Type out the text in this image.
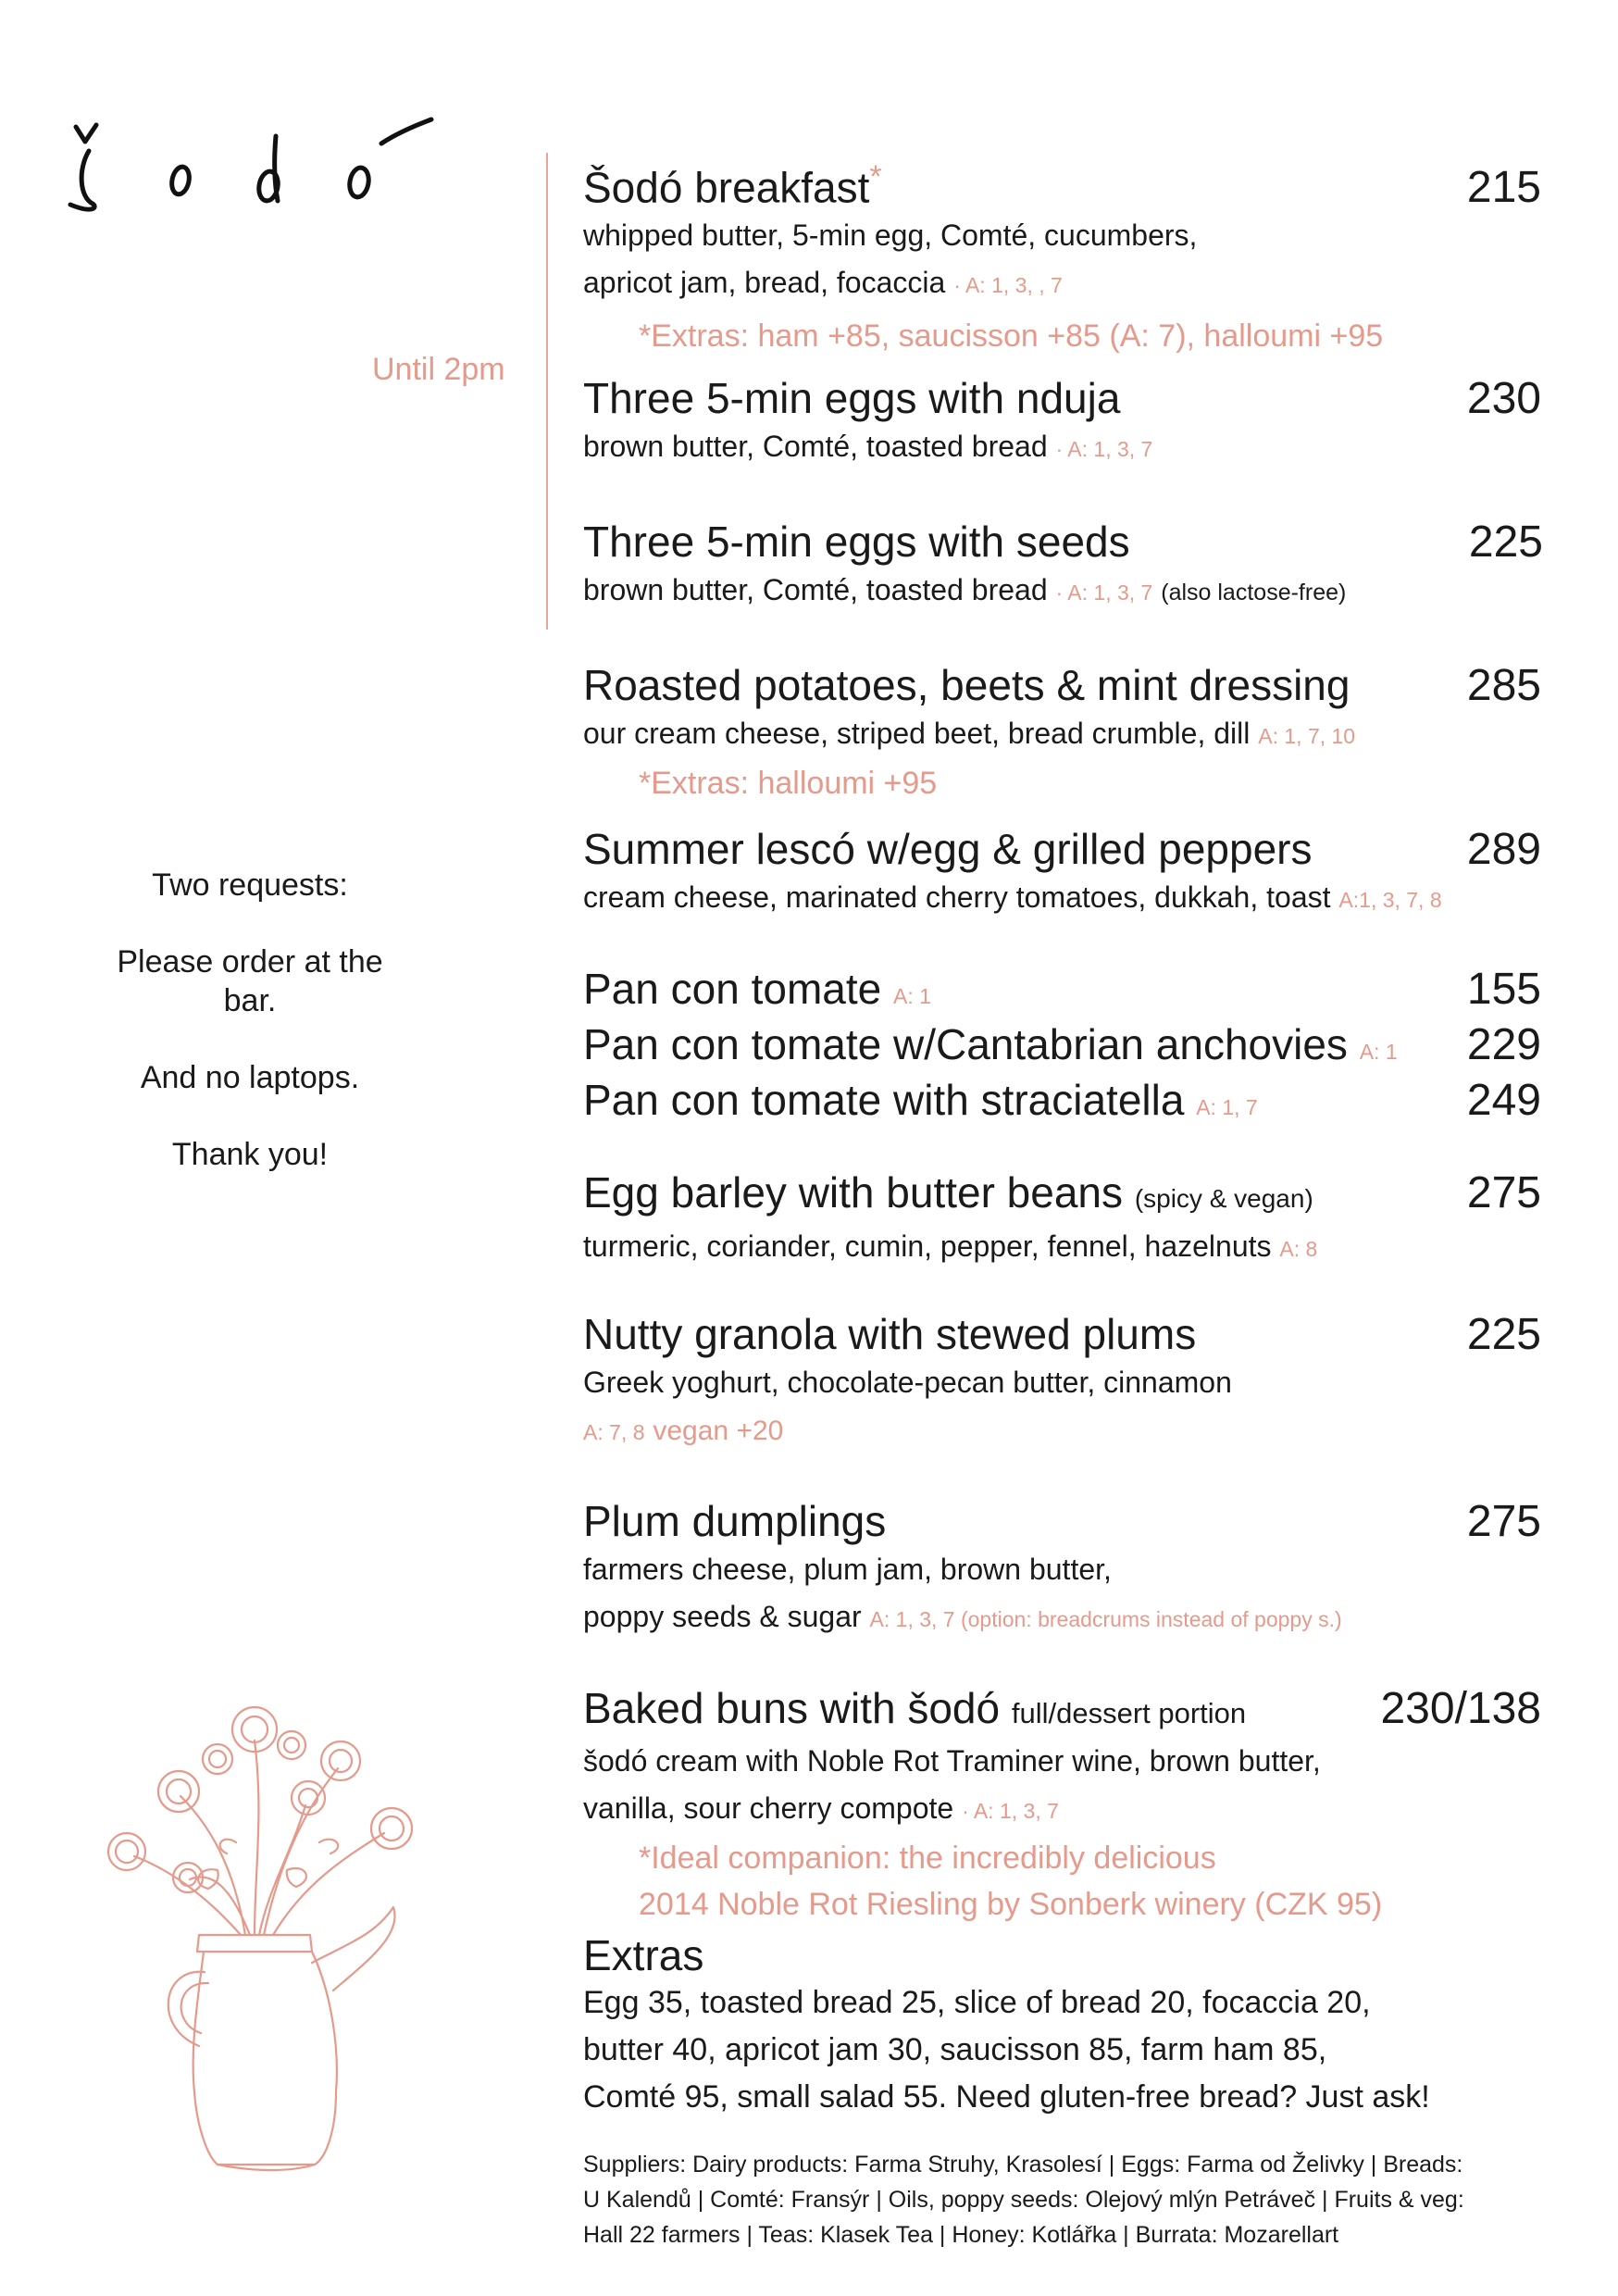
Until 2pm

Two requests:

Please order at the bar.

And no laptops.

Thank you!

Šodó breakfast*	215
whipped butter, 5-min egg, Comté, cucumbers,
apricot jam, bread, focaccia · A: 1, 3, , 7
*Extras: ham +85, saucisson +85 (A: 7), halloumi +95
Three 5-min eggs with nduja	230
brown butter, Comté, toasted bread · A: 1, 3, 7
Three 5-min eggs with seeds	225
brown butter, Comté, toasted bread · A: 1, 3, 7 (also lactose-free)
Roasted potatoes, beets & mint dressing	285
our cream cheese, striped beet, bread crumble, dill A: 1, 7, 10
*Extras: halloumi +95
Summer lescó w/egg & grilled peppers	289
cream cheese, marinated cherry tomatoes, dukkah, toast A:1, 3, 7, 8
Pan con tomate A: 1	155
Pan con tomate w/Cantabrian anchovies A: 1 229
Pan con tomate with straciatella A: 1, 7	249
Egg barley with butter beans (spicy & vegan)	275
turmeric, coriander, cumin, pepper, fennel, hazelnuts A: 8
Nutty granola with stewed plums	225
Greek yoghurt, chocolate-pecan butter, cinnamon
A: 7, 8 vegan +20
Plum dumplings	275
farmers cheese, plum jam, brown butter,
poppy seeds & sugar A: 1, 3, 7 (option: breadcrums instead of poppy s.)
Baked buns with šodó full/dessert portion	230/138
šodó cream with Noble Rot Traminer wine, brown butter,
vanilla, sour cherry compote · A: 1, 3, 7
*Ideal companion: the incredibly delicious
2014 Noble Rot Riesling by Sonberk winery (CZK 95)
Extras
Egg 35, toasted bread 25, slice of bread 20, focaccia 20,
butter 40, apricot jam 30, saucisson 85, farm ham 85,
Comté 95, small salad 55. Need gluten-free bread? Just ask!
Suppliers: Dairy products: Farma Struhy, Krasolesí | Eggs: Farma od Želivky | Breads:
U Kalendů | Comté: Fransýr | Oils, poppy seeds: Olejový mlýn Petráveč | Fruits & veg:
Hall 22 farmers | Teas: Klasek Tea | Honey: Kotlářka | Burrata: Mozarellart
